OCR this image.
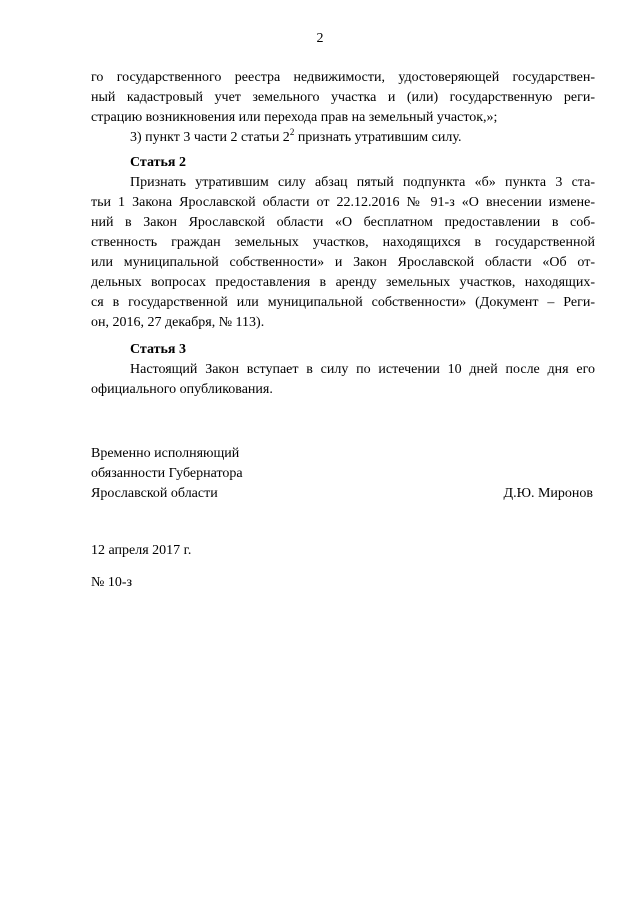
2
го государственного реестра недвижимости, удостоверяющей государствен-
ный кадастровый учет земельного участка и (или) государственную реги-
страцию возникновения или перехода прав на земельный участок,»;
3) пункт 3 части 2 статьи $2^2$ признать утратившим силу.
Статья 2
Признать утратившим силу абзац пятый подпункта «б» пункта 3 ста-
тьи 1 Закона Ярославской области от 22.12.2016 № 91-з «О внесении измене-
ний в Закон Ярославской области «О бесплатном предоставлении в соб-
ственность граждан земельных участков, находящихся в государственной
или муниципальной собственности» и Закон Ярославской области «Об от-
дельных вопросах предоставления в аренду земельных участков, находящих-
ся в государственной или муниципальной собственности» (Документ – Реги-
он, 2016, 27 декабря, № 113).
Статья 3
Настоящий Закон вступает в силу по истечении 10 дней после дня его
официального опубликования.
Временно исполняющий
обязанности Губернатора
Ярославской области	Д.Ю. Миронов
12 апреля 2017 г.
№ 10-з
